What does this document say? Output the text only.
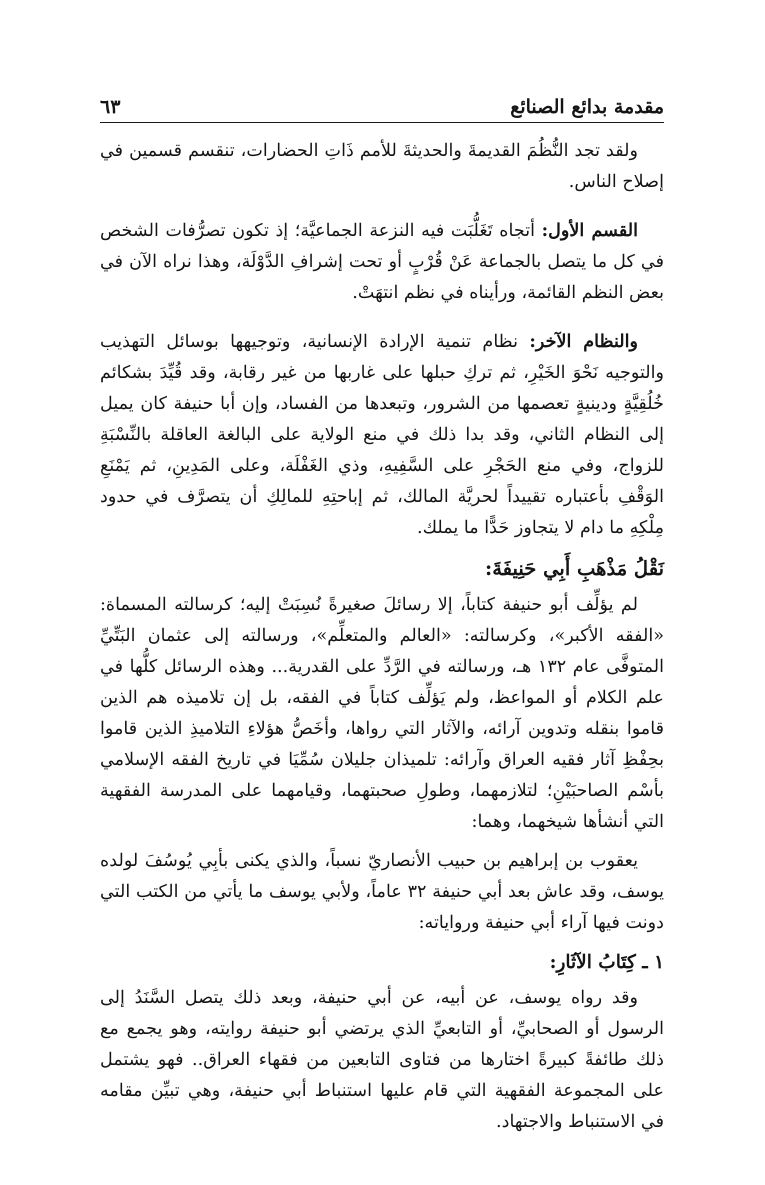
مقدمة بدائع الصنائع
٦٣

ولقد تجد النُّظُمَ القديمةَ والحديثةَ للأمم ذَاتِ الحضارات، تنقسم قسمين في إصلاح الناس.

القسم الأول: أتجاه تَغَلُّبَت فيه النزعة الجماعيَّة؛ إذ تكون تصرُّفات الشخص في كل ما يتصل بالجماعة عَنْ قُرْبٍ أو تحت إشرافِ الدَّوْلَة، وهذا نراه الآن في بعض النظم القائمة، ورأيناه في نظم انتهَتْ.

والنظام الآخر: نظام تنمية الإرادة الإنسانية، وتوجيهها بوسائل التهذيب والتوجيه نَحْوَ الخَيْرِ، ثم تركِ حبلها على غاربها من غير رقابة، وقد قُيِّدَ بشكائم خُلُقِيَّةٍ ودينيةٍ تعصمها من الشرور، وتبعدها من الفساد، وإن أبا حنيفة كان يميل إلى النظام الثاني، وقد بدا ذلك في منع الولاية على البالغة العاقلة بالنِّسْبَةِ للزواج، وفي منع الحَجْرِ على السَّفِيهِ، وذي الغَفْلَة، وعلى المَدِينِ، ثم يَمْنَعِ الوَقْفِ بأعتباره تقييداً لحريَّة المالك، ثم إباحتِهِ للمالِكِ أن يتصرَّف في حدود مِلْكِهِ ما دام لا يتجاوز حَدًّا ما يملك.

نَقْلُ مَذْهَبِ أَبِي حَنِيفَةَ:

لم يؤلِّف أبو حنيفة كتاباً، إلا رسائلَ صغيرةً نُسِبَتْ إليه؛ كرسالته المسماة: «الفقه الأكبر»، وكرسالته: «العالم والمتعلِّم»، ورسالته إلى عثمان البَتِّيِّ المتوفَّى عام ١٣٢ هـ، ورسالته في الرَّدِّ على القدرية... وهذه الرسائل كلُّها في علم الكلام أو المواعظ، ولم يَؤلِّف كتاباً في الفقه، بل إن تلاميذه هم الذين قاموا بنقله وتدوين آرائه، والآثار التي رواها، وأخَصُّ هؤلاءِ التلاميذِ الذين قاموا بحِفْظِ آثار فقيه العراق وآرائه: تلميذان جليلان سُمِّيَا في تاريخ الفقه الإسلامي بأسْم الصاحبَيْنِ؛ لتلازمهما، وطولِ صحبتهما، وقيامهما على المدرسة الفقهية التي أنشأها شيخهما، وهما:

يعقوب بن إبراهيم بن حبيب الأنصاريّ نسباً، والذي يكنى بأبِي يُوسُفَ لولده يوسف، وقد عاش بعد أبي حنيفة ٣٢ عاماً، ولأبي يوسف ما يأتي من الكتب التي دونت فيها آراء أبي حنيفة ورواياته:

١ ـ كِتَابُ الآثَارِ:

وقد رواه يوسف، عن أبيه، عن أبي حنيفة، وبعد ذلك يتصل السَّنَدُ إلى الرسول أو الصحابيِّ، أو التابعيِّ الذي يرتضي أبو حنيفة روايته، وهو يجمع مع ذلك طائفةً كبيرةً اختارها من فتاوى التابعين من فقهاء العراق.. فهو يشتمل على المجموعة الفقهية التي قام عليها استنباط أبي حنيفة، وهي تبيِّن مقامه في الاستنباط والاجتهاد.
